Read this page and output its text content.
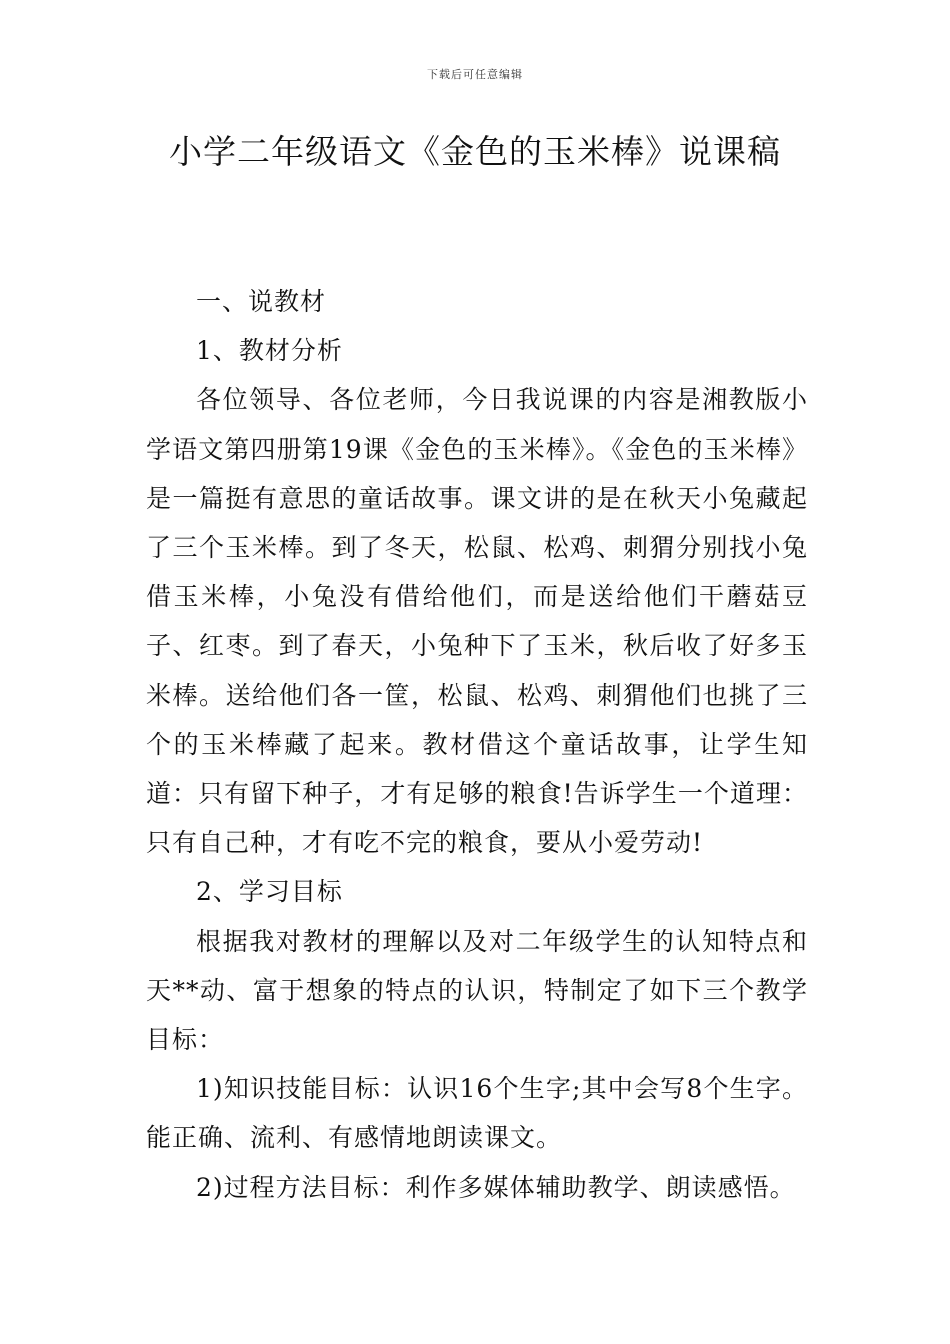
下载后可任意编辑
小学二年级语文《金色的玉米棒》说课稿

一、说教材

1、教材分析

各位领导、各位老师，今日我说课的内容是湘教版小学语文第四册第19课《金色的玉米棒》。《金色的玉米棒》是一篇挺有意思的童话故事。课文讲的是在秋天小兔藏起了三个玉米棒。到了冬天，松鼠、松鸡、刺猬分别找小兔借玉米棒，小兔没有借给他们，而是送给他们干蘑菇豆子、红枣。到了春天，小兔种下了玉米，秋后收了好多玉米棒。送给他们各一筐，松鼠、松鸡、刺猬他们也挑了三个的玉米棒藏了起来。教材借这个童话故事，让学生知道：只有留下种子，才有足够的粮食!告诉学生一个道理：只有自己种，才有吃不完的粮食，要从小爱劳动!

2、学习目标

根据我对教材的理解以及对二年级学生的认知特点和天**动、富于想象的特点的认识，特制定了如下三个教学目标：

1)知识技能目标：认识16个生字;其中会写8个生字。能正确、流利、有感情地朗读课文。

2)过程方法目标：利作多媒体辅助教学、朗读感悟。
